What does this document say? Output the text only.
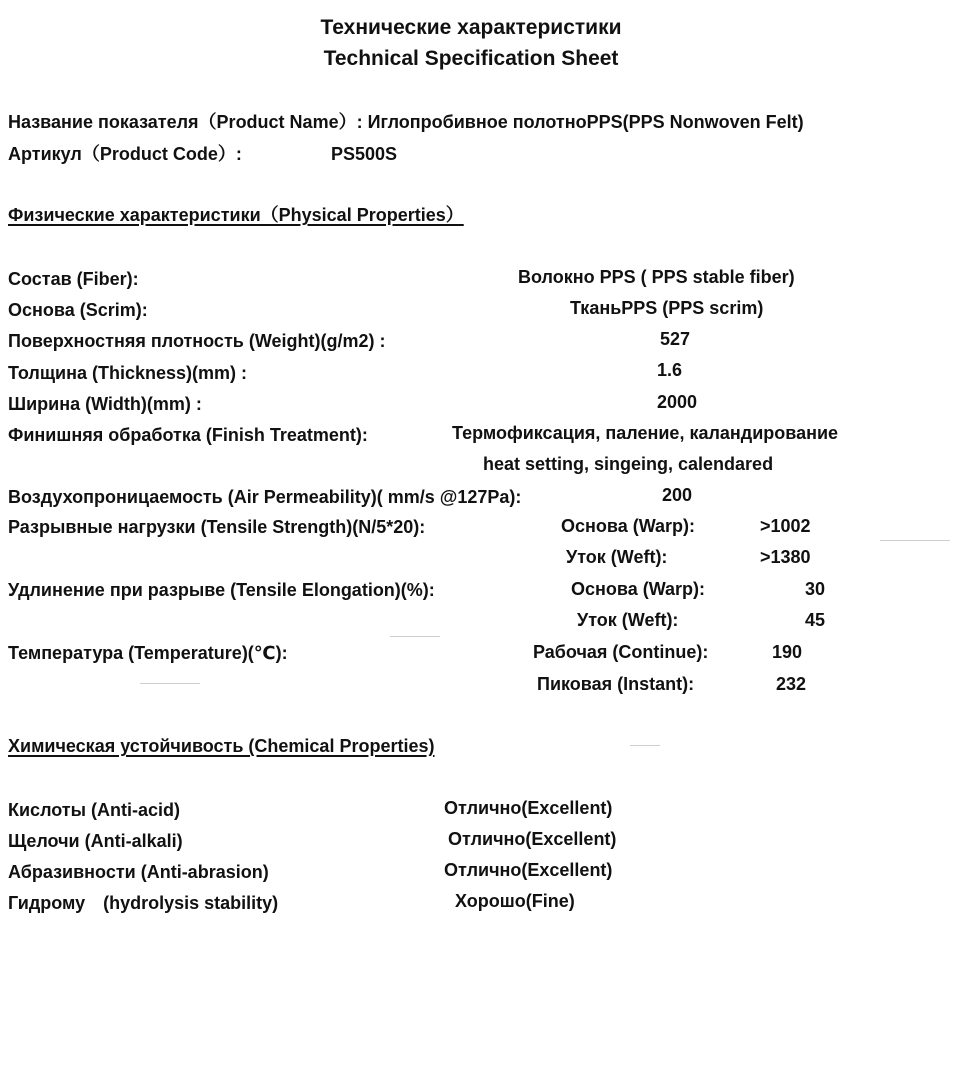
Технические характеристики
Technical Specification Sheet
Название показателя（Product Name）: Иглопробивное полотноPPS(PPS Nonwoven Felt)
Артикул（Product Code）:	PS500S
Физические характеристики（Physical Properties）
Состав (Fiber):	Волокно PPS ( PPS stable fiber)
Основа (Scrim):	ТканьPPS (PPS scrim)
Поверхностняя плотность (Weight)(g/m2) :	527
Толщина (Thickness)(mm) :	1.6
Ширина (Width)(mm) :	2000
Финишняя обработка (Finish Treatment):	Термофиксация, паление, каландирование
heat setting, singeing, calendared
Воздухопроницаемость (Air Permeability)( mm/s @127Pa):	200
Разрывные нагрузки (Tensile Strength)(N/5*20):	Основа (Warp):	>1002
Уток (Weft):	>1380
Удлинение при разрыве (Tensile Elongation)(%):	Основа (Warp):	30
Уток (Weft):	45
Температура (Temperature)(℃):	Рабочая (Continue):	190
Пиковая (Instant):	232
Химическая устойчивость (Chemical Properties)
Кислоты (Anti-acid)	Отлично(Excellent)
Щелочи (Anti-alkali)	Отлично(Excellent)
Абразивности (Anti-abrasion)	Отлично(Excellent)
Гидрому　(hydrolysis stability)	Хорошо(Fine)
